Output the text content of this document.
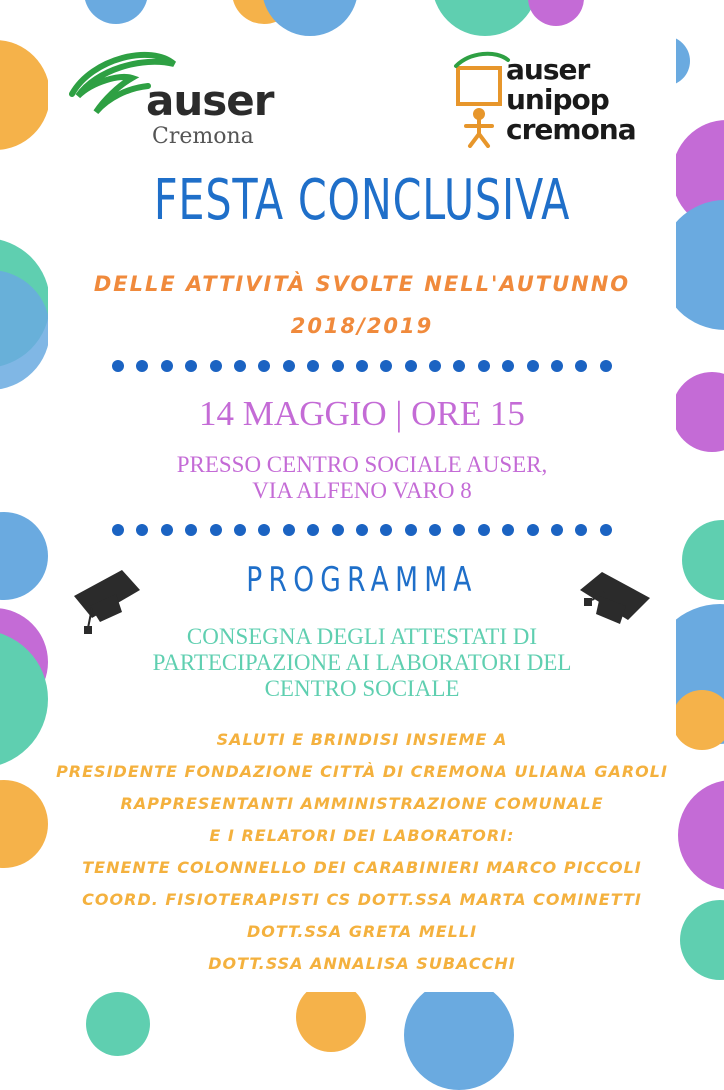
auser
Cremona
auser
unipop
cremona
FESTA CONCLUSIVA
DELLE ATTIVITÀ SVOLTE NELL'AUTUNNO
2018/2019
14 MAGGIO | ORE 15
PRESSO CENTRO SOCIALE AUSER,
VIA ALFENO VARO 8
PROGRAMMA
CONSEGNA DEGLI ATTESTATI DI
PARTECIPAZIONE AI LABORATORI DEL
CENTRO SOCIALE
SALUTI E BRINDISI INSIEME A
PRESIDENTE FONDAZIONE CITTÀ DI CREMONA ULIANA GAROLI
RAPPRESENTANTI AMMINISTRAZIONE COMUNALE
E I RELATORI DEI LABORATORI:
TENENTE COLONNELLO DEI CARABINIERI MARCO PICCOLI
COORD. FISIOTERAPISTI CS DOTT.SSA MARTA COMINETTI
DOTT.SSA GRETA MELLI
DOTT.SSA ANNALISA SUBACCHI
